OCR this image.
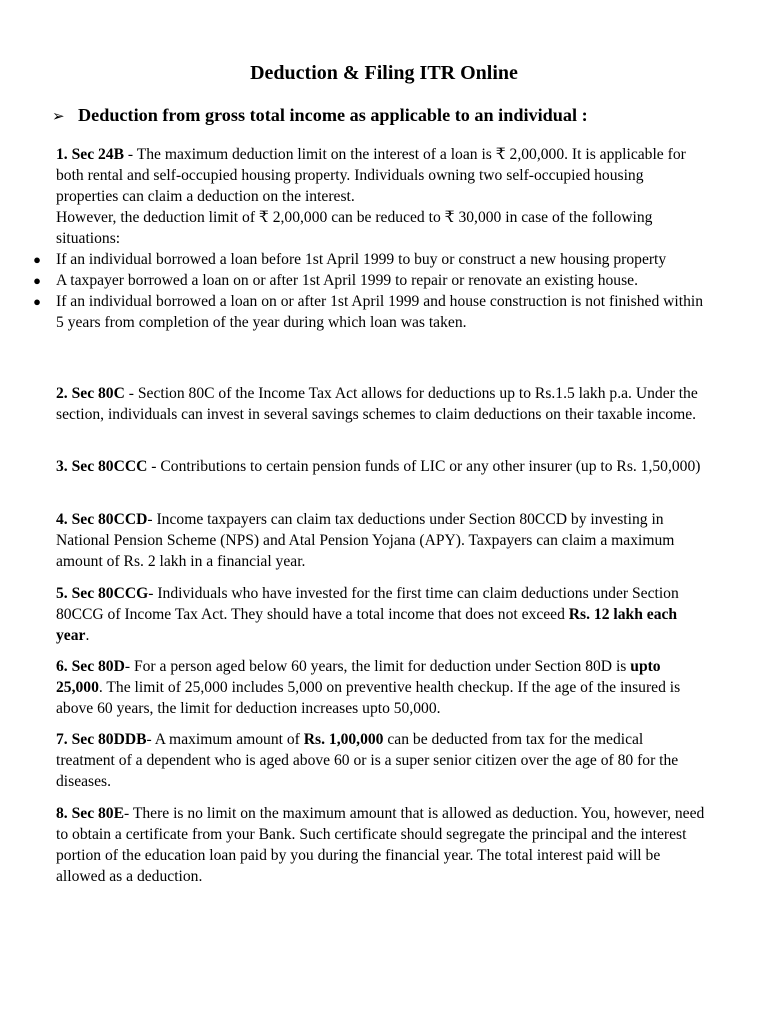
Deduction & Filing ITR Online
➢ Deduction from gross total income as applicable to an individual :

1. Sec 24B - The maximum deduction limit on the interest of a loan is ₹ 2,00,000. It is applicable for both rental and self-occupied housing property. Individuals owning two self-occupied housing properties can claim a deduction on the interest.

However, the deduction limit of ₹ 2,00,000 can be reduced to ₹ 30,000 in case of the following situations:

● If an individual borrowed a loan before 1st April 1999 to buy or construct a new housing property
● A taxpayer borrowed a loan on or after 1st April 1999 to repair or renovate an existing house.
● If an individual borrowed a loan on or after 1st April 1999 and house construction is not finished within 5 years from completion of the year during which loan was taken.

2. Sec 80C - Section 80C of the Income Tax Act allows for deductions up to Rs.1.5 lakh p.a. Under the section, individuals can invest in several savings schemes to claim deductions on their taxable income.

3. Sec 80CCC - Contributions to certain pension funds of LIC or any other insurer (up to Rs. 1,50,000)

4. Sec 80CCD- Income taxpayers can claim tax deductions under Section 80CCD by investing in National Pension Scheme (NPS) and Atal Pension Yojana (APY). Taxpayers can claim a maximum amount of Rs. 2 lakh in a financial year.

5. Sec 80CCG- Individuals who have invested for the first time can claim deductions under Section 80CCG of Income Tax Act. They should have a total income that does not exceed Rs. 12 lakh each year.

6. Sec 80D- For a person aged below 60 years, the limit for deduction under Section 80D is upto 25,000. The limit of 25,000 includes 5,000 on preventive health checkup. If the age of the insured is above 60 years, the limit for deduction increases upto 50,000.

7. Sec 80DDB- A maximum amount of Rs. 1,00,000 can be deducted from tax for the medical treatment of a dependent who is aged above 60 or is a super senior citizen over the age of 80 for the diseases.

8. Sec 80E- There is no limit on the maximum amount that is allowed as deduction. You, however, need to obtain a certificate from your Bank. Such certificate should segregate the principal and the interest portion of the education loan paid by you during the financial year. The total interest paid will be allowed as a deduction.
